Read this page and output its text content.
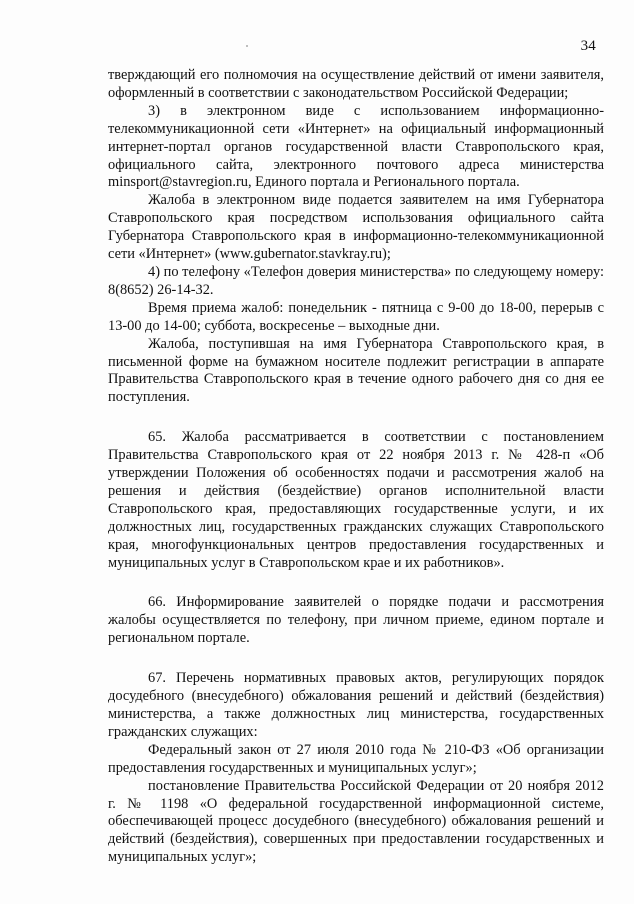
34

тверждающий его полномочия на осуществление действий от имени заявителя, оформленный в соответствии с законодательством Российской Федерации;

3) в электронном виде с использованием информационно-телекоммуникационной сети «Интернет» на официальный информационный интернет-портал органов государственной власти Ставропольского края, официального сайта, электронного почтового адреса министерства minsport@stavregion.ru, Единого портала и Регионального портала.

Жалоба в электронном виде подается заявителем на имя Губернатора Ставропольского края посредством использования официального сайта Губернатора Ставропольского края в информационно-телекоммуникационной сети «Интернет» (www.gubernator.stavkray.ru);

4) по телефону «Телефон доверия министерства» по следующему номеру: 8(8652) 26-14-32.

Время приема жалоб: понедельник - пятница с 9-00 до 18-00, перерыв с 13-00 до 14-00; суббота, воскресенье – выходные дни.

Жалоба, поступившая на имя Губернатора Ставропольского края, в письменной форме на бумажном носителе подлежит регистрации в аппарате Правительства Ставропольского края в течение одного рабочего дня со дня ее поступления.

65. Жалоба рассматривается в соответствии с постановлением Правительства Ставропольского края от 22 ноября 2013 г. № 428-п «Об утверждении Положения об особенностях подачи и рассмотрения жалоб на решения и действия (бездействие) органов исполнительной власти Ставропольского края, предоставляющих государственные услуги, и их должностных лиц, государственных гражданских служащих Ставропольского края, многофункциональных центров предоставления государственных и муниципальных услуг в Ставропольском крае и их работников».

66. Информирование заявителей о порядке подачи и рассмотрения жалобы осуществляется по телефону, при личном приеме, едином портале и региональном портале.

67. Перечень нормативных правовых актов, регулирующих порядок досудебного (внесудебного) обжалования решений и действий (бездействия) министерства, а также должностных лиц министерства, государственных гражданских служащих:

Федеральный закон от 27 июля 2010 года № 210-ФЗ «Об организации предоставления государственных и муниципальных услуг»;

постановление Правительства Российской Федерации от 20 ноября 2012 г. № 1198 «О федеральной государственной информационной системе, обеспечивающей процесс досудебного (внесудебного) обжалования решений и действий (бездействия), совершенных при предоставлении государственных и муниципальных услуг»;
